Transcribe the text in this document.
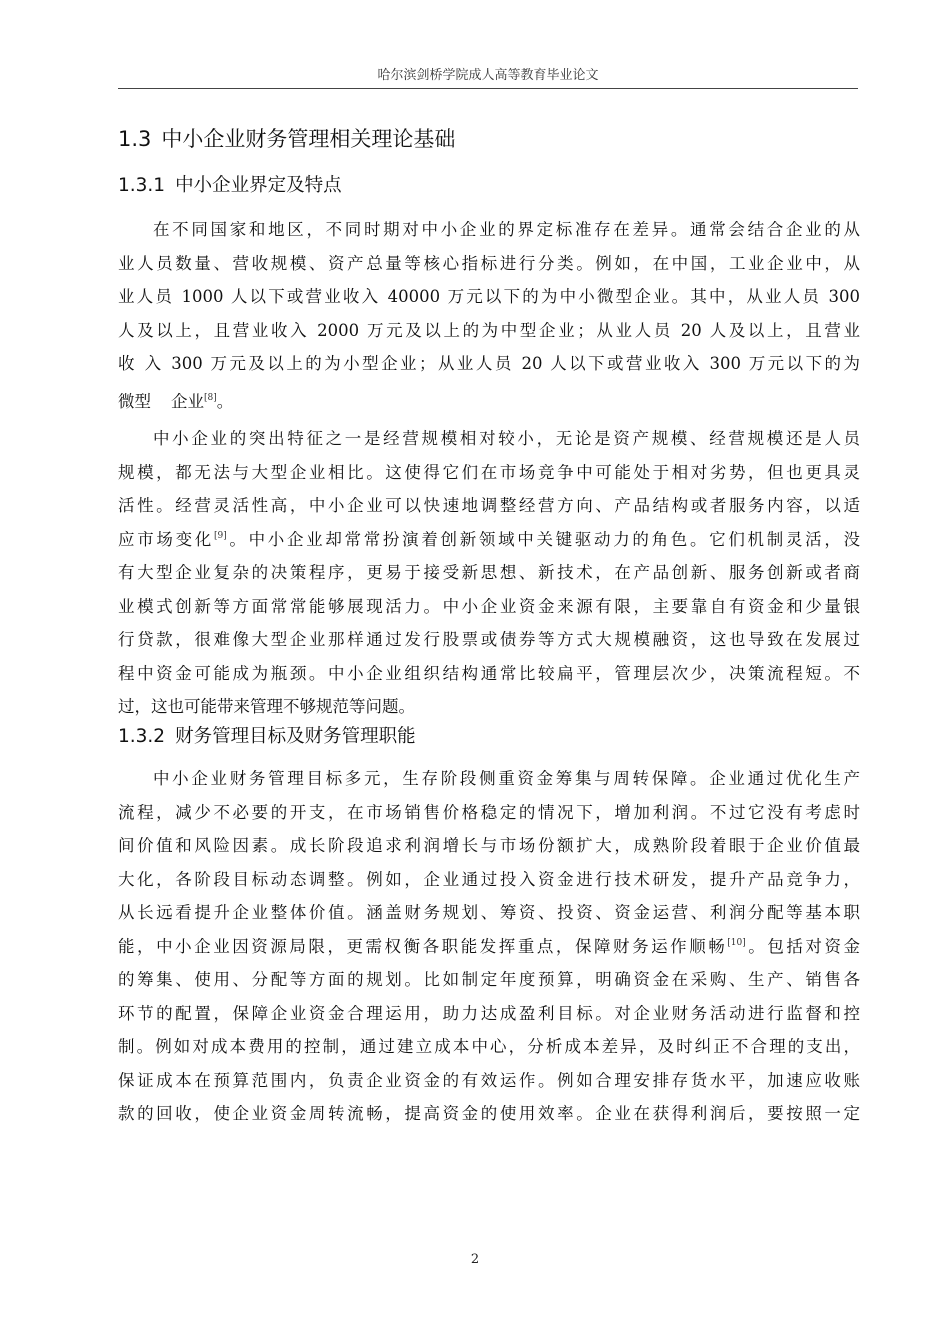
哈尔滨剑桥学院成人高等教育毕业论文
1.3 中小企业财务管理相关理论基础
1.3.1 中小企业界定及特点
在不同国家和地区，不同时期对中小企业的界定标准存在差异。通常会结合企业的从
业人员数量、营收规模、资产总量等核心指标进行分类。例如，在中国，工业企业中，从
业人员 1000 人以下或营业收入 40000 万元以下的为中小微型企业。其中，从业人员 300
人及以上，且营业收入 2000 万元及以上的为中型企业；从业人员 20 人及以上，且营业
收 入 300 万元及以上的为小型企业；从业人员 20 人以下或营业收入 300 万元以下的为
微型 企业[8]。
中小企业的突出特征之一是经营规模相对较小，无论是资产规模、经营规模还是人员
规模，都无法与大型企业相比。这使得它们在市场竞争中可能处于相对劣势，但也更具灵
活性。经营灵活性高，中小企业可以快速地调整经营方向、产品结构或者服务内容，以适
应市场变化[9]。中小企业却常常扮演着创新领域中关键驱动力的角色。它们机制灵活，没
有大型企业复杂的决策程序，更易于接受新思想、新技术，在产品创新、服务创新或者商
业模式创新等方面常常能够展现活力。中小企业资金来源有限，主要靠自有资金和少量银
行贷款，很难像大型企业那样通过发行股票或债券等方式大规模融资，这也导致在发展过
程中资金可能成为瓶颈。中小企业组织结构通常比较扁平，管理层次少，决策流程短。不
过，这也可能带来管理不够规范等问题。
1.3.2 财务管理目标及财务管理职能
中小企业财务管理目标多元，生存阶段侧重资金筹集与周转保障。企业通过优化生产
流程，减少不必要的开支，在市场销售价格稳定的情况下，增加利润。不过它没有考虑时
间价值和风险因素。成长阶段追求利润增长与市场份额扩大，成熟阶段着眼于企业价值最
大化，各阶段目标动态调整。例如，企业通过投入资金进行技术研发，提升产品竞争力，
从长远看提升企业整体价值。涵盖财务规划、筹资、投资、资金运营、利润分配等基本职
能，中小企业因资源局限，更需权衡各职能发挥重点，保障财务运作顺畅[10]。包括对资金
的筹集、使用、分配等方面的规划。比如制定年度预算，明确资金在采购、生产、销售各
环节的配置，保障企业资金合理运用，助力达成盈利目标。对企业财务活动进行监督和控
制。例如对成本费用的控制，通过建立成本中心，分析成本差异，及时纠正不合理的支出，
保证成本在预算范围内，负责企业资金的有效运作。例如合理安排存货水平，加速应收账
款的回收，使企业资金周转流畅，提高资金的使用效率。企业在获得利润后，要按照一定
2
